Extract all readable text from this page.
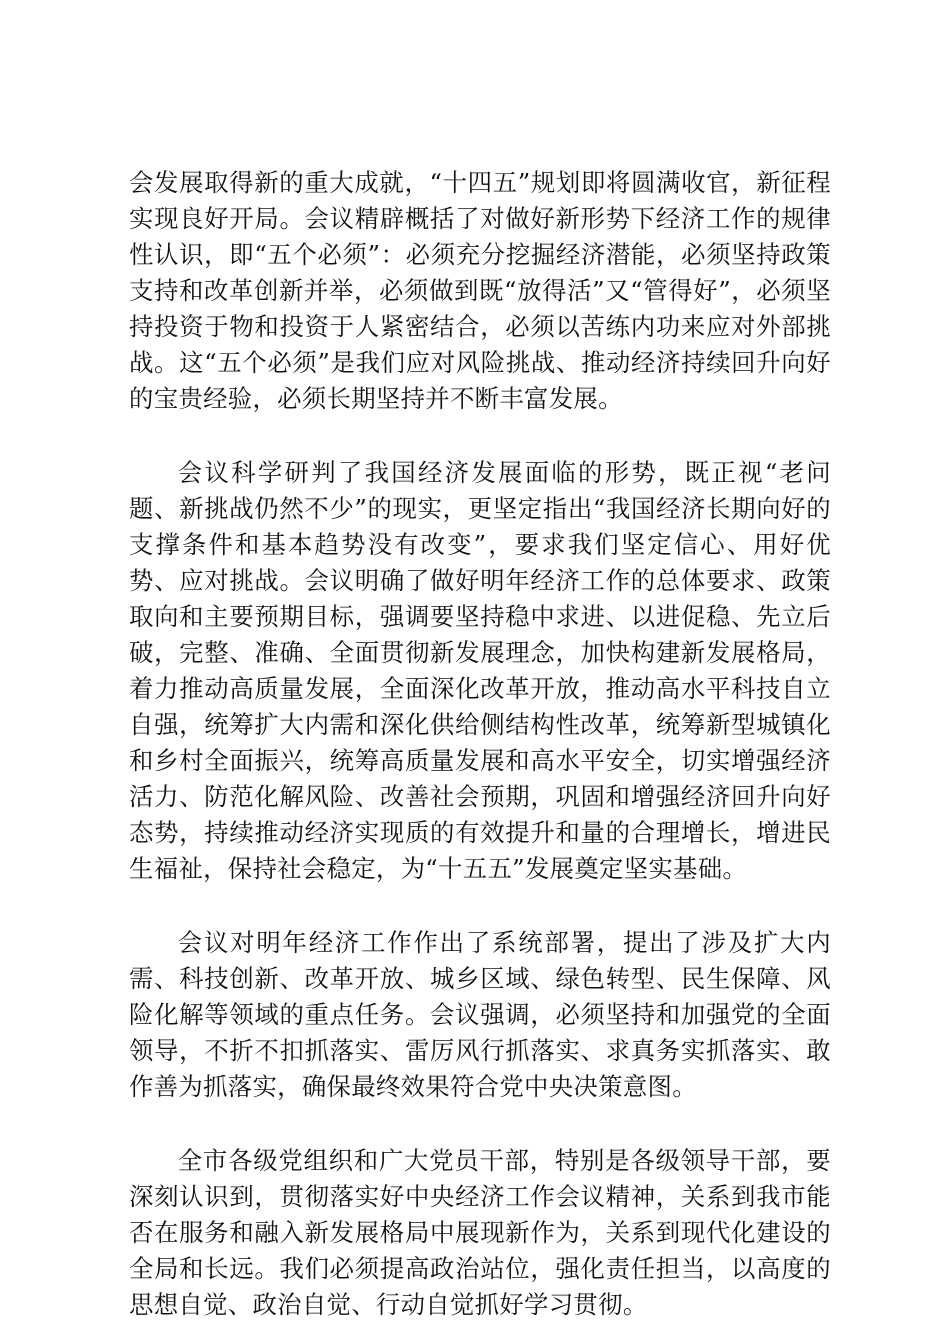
会发展取得新的重大成就，“十四五”规划即将圆满收官，新征程实现良好开局。会议精辟概括了对做好新形势下经济工作的规律性认识，即“五个必须”：必须充分挖掘经济潜能，必须坚持政策支持和改革创新并举，必须做到既“放得活”又“管得好”，必须坚持投资于物和投资于人紧密结合，必须以苦练内功来应对外部挑战。这“五个必须”是我们应对风险挑战、推动经济持续回升向好的宝贵经验，必须长期坚持并不断丰富发展。

会议科学研判了我国经济发展面临的形势，既正视“老问题、新挑战仍然不少”的现实，更坚定指出“我国经济长期向好的支撑条件和基本趋势没有改变”，要求我们坚定信心、用好优势、应对挑战。会议明确了做好明年经济工作的总体要求、政策取向和主要预期目标，强调要坚持稳中求进、以进促稳、先立后破，完整、准确、全面贯彻新发展理念，加快构建新发展格局，着力推动高质量发展，全面深化改革开放，推动高水平科技自立自强，统筹扩大内需和深化供给侧结构性改革，统筹新型城镇化和乡村全面振兴，统筹高质量发展和高水平安全，切实增强经济活力、防范化解风险、改善社会预期，巩固和增强经济回升向好态势，持续推动经济实现质的有效提升和量的合理增长，增进民生福祉，保持社会稳定，为“十五五”发展奠定坚实基础。

会议对明年经济工作作出了系统部署，提出了涉及扩大内需、科技创新、改革开放、城乡区域、绿色转型、民生保障、风险化解等领域的重点任务。会议强调，必须坚持和加强党的全面领导，不折不扣抓落实、雷厉风行抓落实、求真务实抓落实、敢作善为抓落实，确保最终效果符合党中央决策意图。

全市各级党组织和广大党员干部，特别是各级领导干部，要深刻认识到，贯彻落实好中央经济工作会议精神，关系到我市能否在服务和融入新发展格局中展现新作为，关系到现代化建设的全局和长远。我们必须提高政治站位，强化责任担当，以高度的思想自觉、政治自觉、行动自觉抓好学习贯彻。
